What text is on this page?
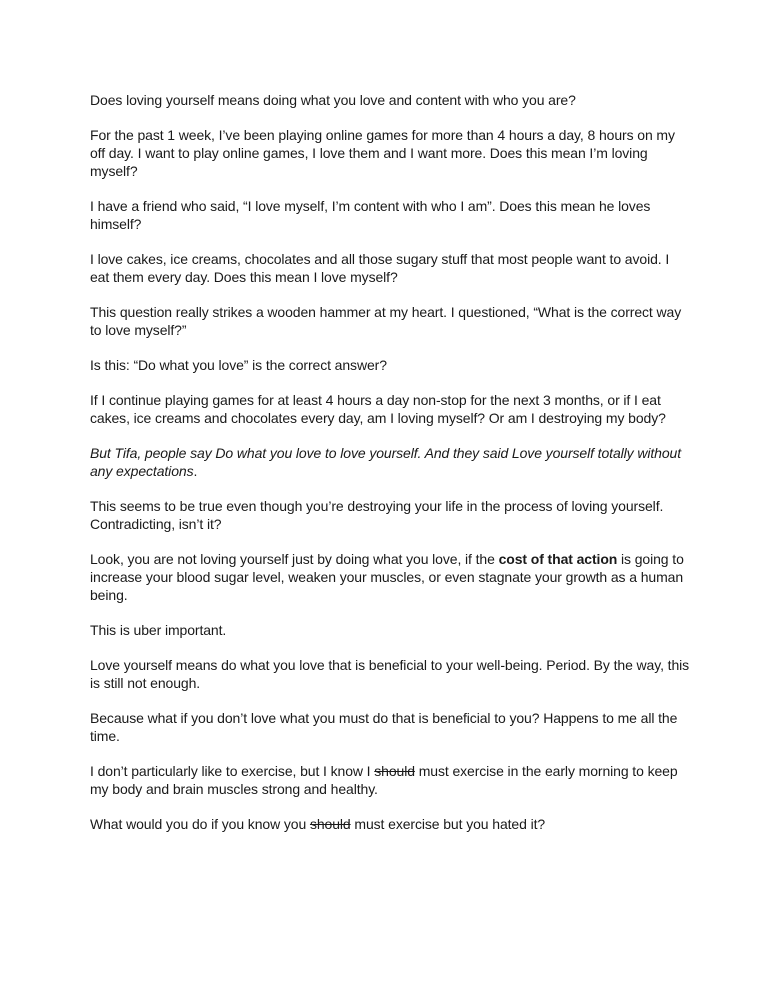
Does loving yourself means doing what you love and content with who you are?

For the past 1 week, I’ve been playing online games for more than 4 hours a day, 8 hours on my off day. I want to play online games, I love them and I want more. Does this mean I’m loving myself?

I have a friend who said, “I love myself, I’m content with who I am”. Does this mean he loves himself?

I love cakes, ice creams, chocolates and all those sugary stuff that most people want to avoid. I eat them every day. Does this mean I love myself?

This question really strikes a wooden hammer at my heart. I questioned, “What is the correct way to love myself?”

Is this: “Do what you love” is the correct answer?

If I continue playing games for at least 4 hours a day non-stop for the next 3 months, or if I eat cakes, ice creams and chocolates every day, am I loving myself? Or am I destroying my body?

But Tifa, people say Do what you love to love yourself. And they said Love yourself totally without any expectations.

This seems to be true even though you’re destroying your life in the process of loving yourself. Contradicting, isn’t it?

Look, you are not loving yourself just by doing what you love, if the cost of that action is going to increase your blood sugar level, weaken your muscles, or even stagnate your growth as a human being.

This is uber important.

Love yourself means do what you love that is beneficial to your well-being. Period. By the way, this is still not enough.

Because what if you don’t love what you must do that is beneficial to you? Happens to me all the time.

I don’t particularly like to exercise, but I know I should must exercise in the early morning to keep my body and brain muscles strong and healthy.

What would you do if you know you should must exercise but you hated it?
